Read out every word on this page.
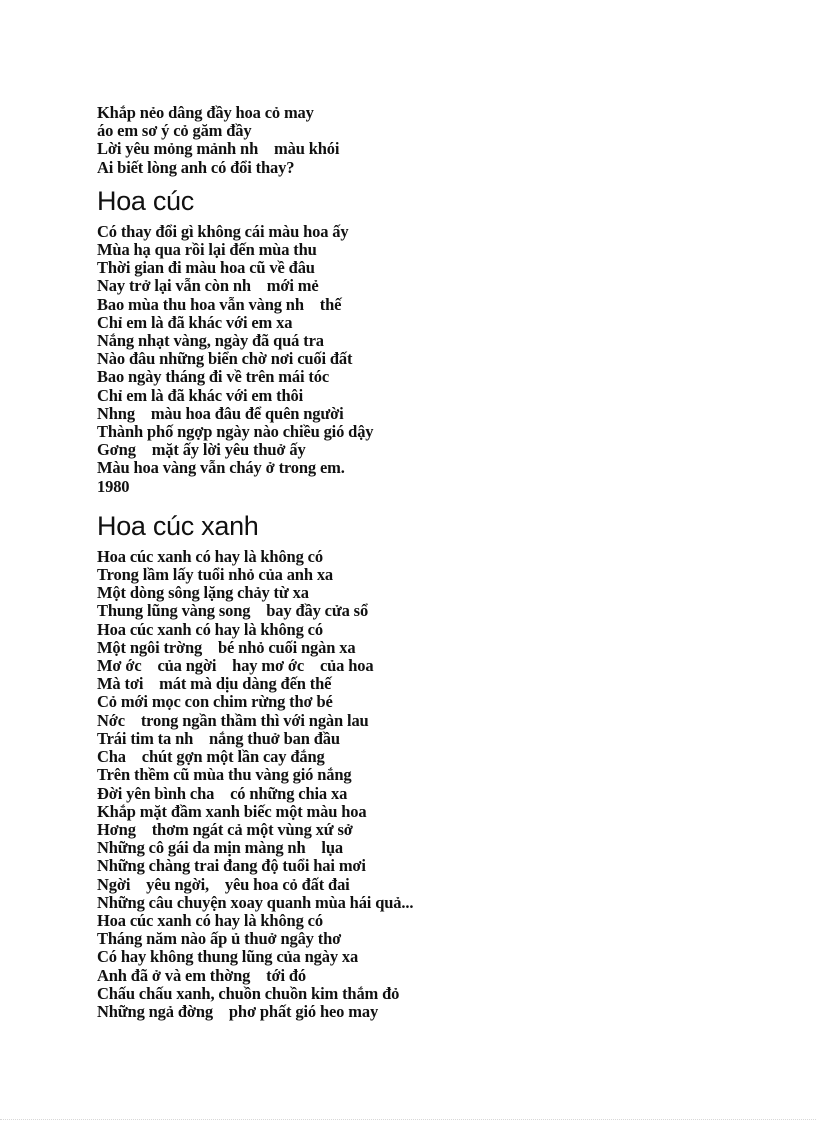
Khắp nẻo dâng đầy hoa cỏ may
áo em sơ ý cỏ găm đầy
Lời yêu mỏng mảnh nh    màu khói
Ai biết lòng anh có đổi thay?
Hoa cúc
Có thay đổi gì không cái màu hoa ấy
Mùa hạ qua rồi lại đến mùa thu
Thời gian đi màu hoa cũ về đâu
Nay trở lại vẫn còn nh    mới mẻ
Bao mùa thu hoa vẫn vàng nh    thế
Chỉ em là đã khác với em xa
Nắng nhạt vàng, ngày đã quá tra
Nào đâu những biển chờ nơi cuối đất
Bao ngày tháng đi về trên mái tóc
Chỉ em là đã khác với em thôi
Nhng    màu hoa đâu để quên người
Thành phố ngợp ngày nào chiều gió dậy
Gơng    mặt ấy lời yêu thuở ấy
Màu hoa vàng vẫn cháy ở trong em.
1980
Hoa cúc xanh
Hoa cúc xanh có hay là không có
Trong lầm lấy tuổi nhỏ của anh xa
Một dòng sông lặng chảy từ xa
Thung lũng vàng song    bay đầy cửa sổ
Hoa cúc xanh có hay là không có
Một ngôi trờng    bé nhỏ cuối ngàn xa
Mơ ớc    của ngời    hay mơ ớc    của hoa
Mà tơi    mát mà dịu dàng đến thế
Cỏ mới mọc con chim rừng thơ bé
Nớc    trong ngần thầm thì với ngàn lau
Trái tim ta nh    nắng thuở ban đầu
Cha    chút gợn một lần cay đắng
Trên thềm cũ mùa thu vàng gió nắng
Đời yên bình cha    có những chia xa
Khắp mặt đầm xanh biếc một màu hoa
Hơng    thơm ngát cả một vùng xứ sở
Những cô gái da mịn màng nh    lụa
Những chàng trai đang độ tuổi hai mơi
Ngời    yêu ngời,    yêu hoa cỏ đất đai
Những câu chuyện xoay quanh mùa hái quả...
Hoa cúc xanh có hay là không có
Tháng năm nào ấp ủ thuở ngây thơ
Có hay không thung lũng của ngày xa
Anh đã ở và em thờng    tới đó
Chấu chấu xanh, chuồn chuồn kim thắm đỏ
Những ngả đờng    phơ phất gió heo may
